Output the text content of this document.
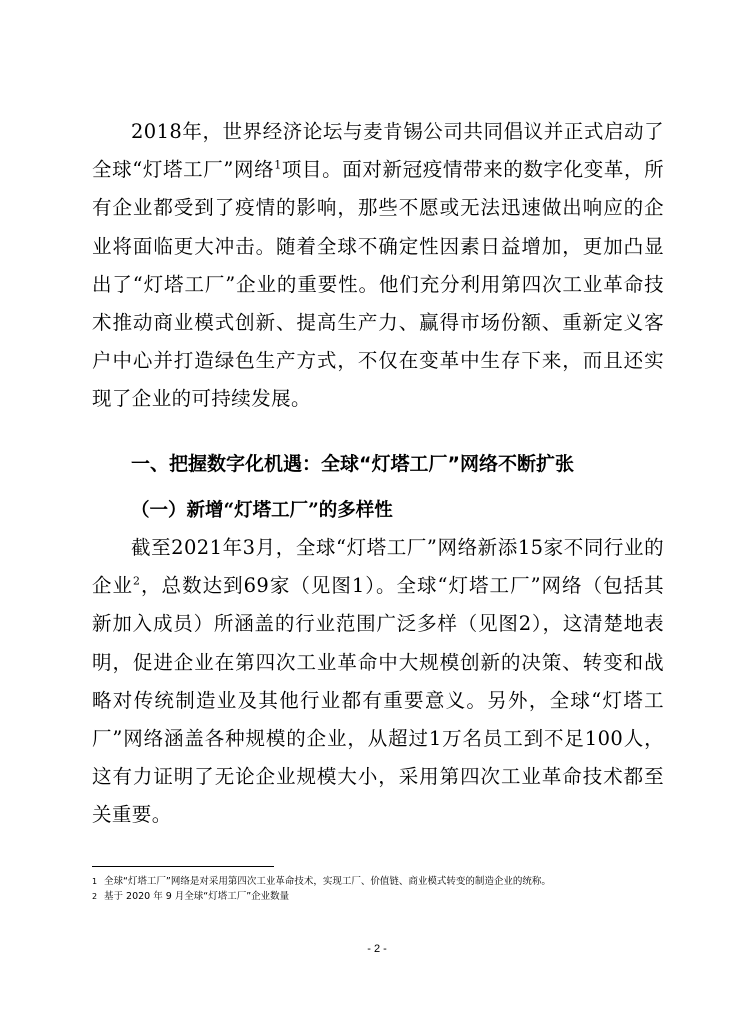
2018年，世界经济论坛与麦肯锡公司共同倡议并正式启动了全球“灯塔工厂”网络$^1$项目。面对新冠疫情带来的数字化变革，所有企业都受到了疫情的影响，那些不愿或无法迅速做出响应的企业将面临更大冲击。随着全球不确定性因素日益增加，更加凸显出了“灯塔工厂”企业的重要性。他们充分利用第四次工业革命技术推动商业模式创新、提高生产力、赢得市场份额、重新定义客户中心并打造绿色生产方式，不仅在变革中生存下来，而且还实现了企业的可持续发展。

一、把握数字化机遇：全球“灯塔工厂”网络不断扩张
（一）新增“灯塔工厂”的多样性

截至2021年3月，全球“灯塔工厂”网络新添15家不同行业的企业$^2$，总数达到69家（见图1）。全球“灯塔工厂”网络（包括其新加入成员）所涵盖的行业范围广泛多样（见图2），这清楚地表明，促进企业在第四次工业革命中大规模创新的决策、转变和战略对传统制造业及其他行业都有重要意义。另外，全球“灯塔工厂”网络涵盖各种规模的企业，从超过1万名员工到不足100人，这有力证明了无论企业规模大小，采用第四次工业革命技术都至关重要。

1 全球“灯塔工厂”网络是对采用第四次工业革命技术，实现工厂、价值链、商业模式转变的制造企业的统称。
2 基于 2020 年 9 月全球“灯塔工厂”企业数量
- 2 -
